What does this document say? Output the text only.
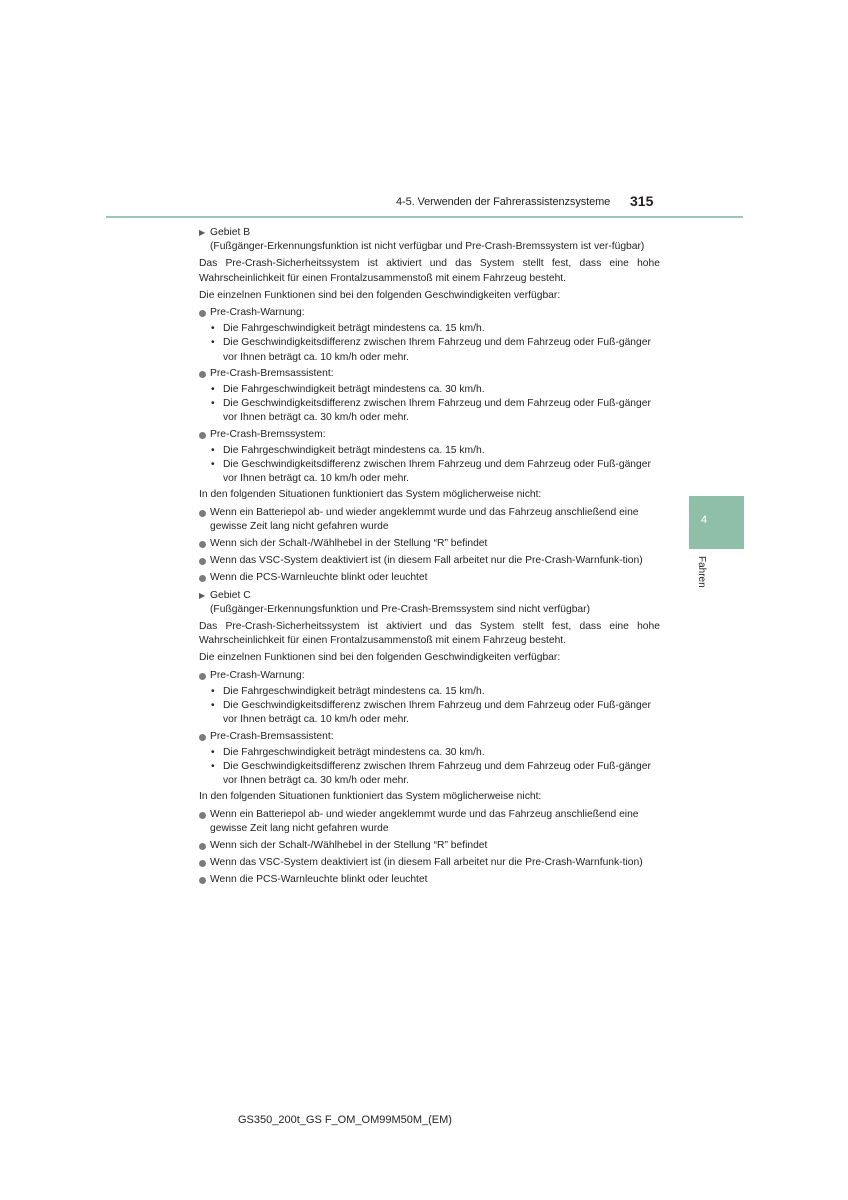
4-5. Verwenden der Fahrerassistenzsysteme 315
4
Fahren
▶ Gebiet B
(Fußgänger-Erkennungsfunktion ist nicht verfügbar und Pre-Crash-Bremssystem ist ver-fügbar)
Das Pre-Crash-Sicherheitssystem ist aktiviert und das System stellt fest, dass eine hohe Wahrscheinlichkeit für einen Frontalzusammenstoß mit einem Fahrzeug besteht.
Die einzelnen Funktionen sind bei den folgenden Geschwindigkeiten verfügbar:
Pre-Crash-Warnung:
• Die Fahrgeschwindigkeit beträgt mindestens ca. 15 km/h.
• Die Geschwindigkeitsdifferenz zwischen Ihrem Fahrzeug und dem Fahrzeug oder Fuß-gänger vor Ihnen beträgt ca. 10 km/h oder mehr.
Pre-Crash-Bremsassistent:
• Die Fahrgeschwindigkeit beträgt mindestens ca. 30 km/h.
• Die Geschwindigkeitsdifferenz zwischen Ihrem Fahrzeug und dem Fahrzeug oder Fuß-gänger vor Ihnen beträgt ca. 30 km/h oder mehr.
Pre-Crash-Bremssystem:
• Die Fahrgeschwindigkeit beträgt mindestens ca. 15 km/h.
• Die Geschwindigkeitsdifferenz zwischen Ihrem Fahrzeug und dem Fahrzeug oder Fuß-gänger vor Ihnen beträgt ca. 10 km/h oder mehr.
In den folgenden Situationen funktioniert das System möglicherweise nicht:
Wenn ein Batteriepol ab- und wieder angeklemmt wurde und das Fahrzeug anschließend eine gewisse Zeit lang nicht gefahren wurde
Wenn sich der Schalt-/Wählhebel in der Stellung “R” befindet
Wenn das VSC-System deaktiviert ist (in diesem Fall arbeitet nur die Pre-Crash-Warnfunk-tion)
Wenn die PCS-Warnleuchte blinkt oder leuchtet
▶ Gebiet C
(Fußgänger-Erkennungsfunktion und Pre-Crash-Bremssystem sind nicht verfügbar)
Das Pre-Crash-Sicherheitssystem ist aktiviert und das System stellt fest, dass eine hohe Wahrscheinlichkeit für einen Frontalzusammenstoß mit einem Fahrzeug besteht.
Die einzelnen Funktionen sind bei den folgenden Geschwindigkeiten verfügbar:
Pre-Crash-Warnung:
• Die Fahrgeschwindigkeit beträgt mindestens ca. 15 km/h.
• Die Geschwindigkeitsdifferenz zwischen Ihrem Fahrzeug und dem Fahrzeug oder Fuß-gänger vor Ihnen beträgt ca. 10 km/h oder mehr.
Pre-Crash-Bremsassistent:
• Die Fahrgeschwindigkeit beträgt mindestens ca. 30 km/h.
• Die Geschwindigkeitsdifferenz zwischen Ihrem Fahrzeug und dem Fahrzeug oder Fuß-gänger vor Ihnen beträgt ca. 30 km/h oder mehr.
In den folgenden Situationen funktioniert das System möglicherweise nicht:
Wenn ein Batteriepol ab- und wieder angeklemmt wurde und das Fahrzeug anschließend eine gewisse Zeit lang nicht gefahren wurde
Wenn sich der Schalt-/Wählhebel in der Stellung “R” befindet
Wenn das VSC-System deaktiviert ist (in diesem Fall arbeitet nur die Pre-Crash-Warnfunk-tion)
Wenn die PCS-Warnleuchte blinkt oder leuchtet
GS350_200t_GS F_OM_OM99M50M_(EM)
